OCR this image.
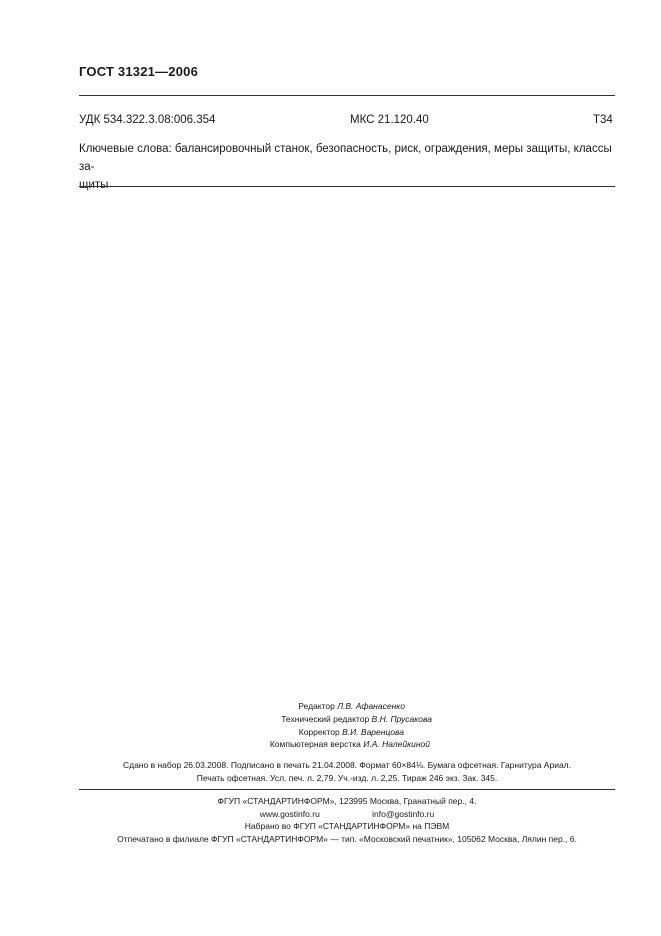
ГОСТ 31321—2006
УДК 534.322.3.08:006.354	МКС 21.120.40	Т34
Ключевые слова: балансировочный станок, безопасность, риск, ограждения, меры защиты, классы за-
щиты
Редактор Л.В. Афанасенко
Технический редактор В.Н. Прусакова
Корректор В.И. Варенцова
Компьютерная верстка И.А. Налейкиной
Сдано в набор 26.03.2008. Подписано в печать 21.04.2008. Формат 60×84⅛. Бумага офсетная. Гарнитура Ариал.
Печать офсетная. Усл. печ. л. 2,79. Уч.-изд. л. 2,25. Тираж 246 экз. Зак. 345.
ФГУП «СТАНДАРТИНФОРМ», 123995 Москва, Гранатный пер., 4.
www.gostinfo.ru	info@gostinfo.ru
Набрано во ФГУП «СТАНДАРТИНФОРМ» на ПЭВМ
Отпечатано в филиале ФГУП «СТАНДАРТИНФОРМ» — тип. «Московский печатник», 105062 Москва, Лялин пер., 6.
